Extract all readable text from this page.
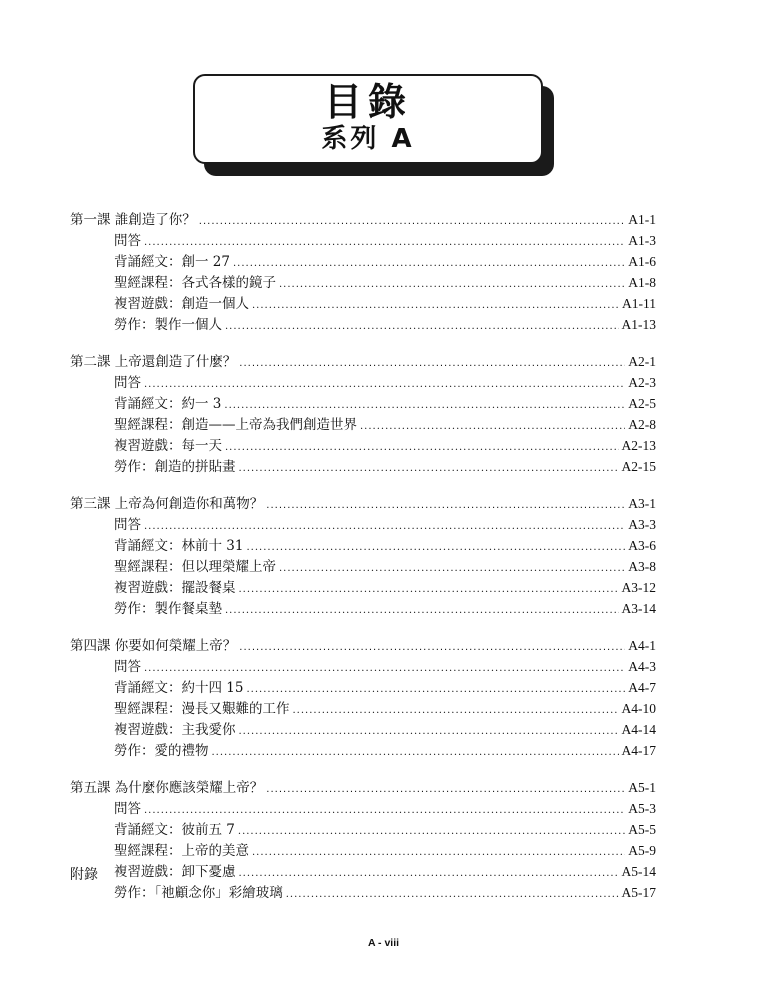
目錄
系列 A
第一課 誰創造了你？ .....	A1-1
問答 .....	A1-3
背誦經文：創一 27 .....	A1-6
聖經課程：各式各樣的鏡子 .....	A1-8
複習遊戲：創造一個人 .....	A1-11
勞作：製作一個人 .....	A1-13
第二課 上帝還創造了什麼？ .....	A2-1
問答 .....	A2-3
背誦經文：約一 3 .....	A2-5
聖經課程：創造——上帝為我們創造世界 .....	A2-8
複習遊戲：每一天 .....	A2-13
勞作：創造的拼貼畫 .....	A2-15
第三課 上帝為何創造你和萬物？ .....	A3-1
問答 .....	A3-3
背誦經文：林前十 31 .....	A3-6
聖經課程：但以理榮耀上帝 .....	A3-8
複習遊戲：擺設餐桌 .....	A3-12
勞作：製作餐桌墊 .....	A3-14
第四課 你要如何榮耀上帝？ .....	A4-1
問答 .....	A4-3
背誦經文：約十四 15 .....	A4-7
聖經課程：漫長又艱難的工作 .....	A4-10
複習遊戲：主我愛你 .....	A4-14
勞作：愛的禮物 .....	A4-17
第五課 為什麼你應該榮耀上帝？ .....	A5-1
問答 .....	A5-3
背誦經文：彼前五 7 .....	A5-5
聖經課程：上帝的美意 .....	A5-9
複習遊戲：卸下憂慮 .....	A5-14
勞作：「祂顧念你」彩繪玻璃 .....	A5-17
附錄
A - viii
